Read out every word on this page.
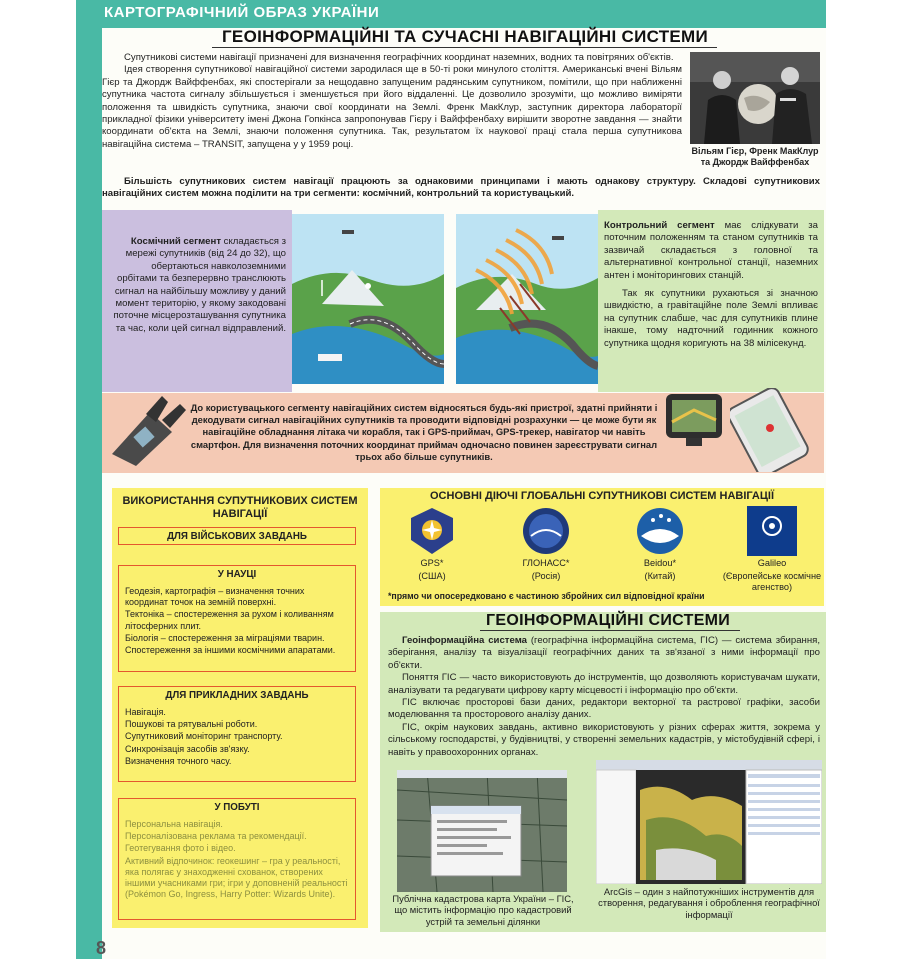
КАРТОГРАФІЧНИЙ ОБРАЗ УКРАЇНИ
ГЕОІНФОРМАЦІЙНІ ТА СУЧАСНІ НАВІГАЦІЙНІ СИСТЕМИ

Супутникові системи навігації призначені для визначення географічних координат наземних, водних та повітряних об'єктів.

Ідея створення супутникової навігаційної системи зародилася ще в 50-ті роки минулого століття. Американські вчені Вільям Гієр та Джордж Вайффенбах, які спостерігали за нещодавно запущеним радянським супутником, помітили, що при наближенні супутника частота сигналу збільшується і зменшується при його віддаленні. Це дозволило зрозуміти, що можливо виміряти положення та швидкість супутника, знаючи свої координати на Землі. Френк МакКлур, заступник директора лабораторії прикладної фізики університету імені Джона Гопкінса запропонував Гієру і Вайффенбаху вирішити зворотне завдання — знайти координати об'єкта на Землі, знаючи положення супутника. Так, результатом їх наукової праці стала перша супутникова навігаційна система – TRANSIT, запущена у у 1959 році.

Вільям Гієр, Френк МакКлур та Джордж Вайффенбах

Більшість супутникових систем навігації працюють за однаковими принципами і мають однакову структуру. Складові супутникових навігаційних систем можна поділити на три сегменти: космічний, контрольний та користувацький.

Космічний сегмент складається з мережі супутників (від 24 до 32), що обертаються навколоземними орбітами та безперервно транслюють сигнал на найбільшу можливу у даний момент територію, у якому закодовані поточне місцерозташування супутника та час, коли цей сигнал відправлений.

Контрольний сегмент має слідкувати за поточним положенням та станом супутників та зазвичай складається з головної та альтернативної контрольної станції, наземних антен і моніторингових станцій.

Так як супутники рухаються зі значною швидкістю, а гравітаційне поле Землі впливає на супутник слабше, час для супутників плине інакше, тому надточний годинник кожного супутника щодня коригують на 38 мілісекунд.

До користувацького сегменту навігаційних систем відносяться будь-які пристрої, здатні прийняти і декодувати сигнал навігаційних супутників та проводити відповідні розрахунки — це може бути як навігаційне обладнання літака чи корабля, так і GPS-приймач, GPS-трекер, навігатор чи навіть смартфон. Для визначення поточних координат приймач одночасно повинен зареєструвати сигнал трьох або більше супутників.

ВИКОРИСТАННЯ СУПУТНИКОВИХ СИСТЕМ НАВІГАЦІЇ
ДЛЯ ВІЙСЬКОВИХ ЗАВДАНЬ
У НАУЦІ
Геодезія, картографія – визначення точних координат точок на земній поверхні.
Тектоніка – спостереження за рухом і коливанням літосферних плит.
Біологія – спостереження за міграціями тварин.
Спостереження за іншими космічними апаратами.
ДЛЯ ПРИКЛАДНИХ ЗАВДАНЬ
Навігація.
Пошукові та рятувальні роботи.
Супутниковий моніторинг транспорту.
Синхронізація засобів зв'язку.
Визначення точного часу.
У ПОБУТІ
Персональна навігація.
Персоналізована реклама та рекомендації.
Геотегування фото і відео.
Активний відпочинок: геокешинг – гра у реальності, яка полягає у знаходженні схованок, створених іншими учасниками гри; ігри у доповненій реальності (Pokémon Go, Ingress, Harry Potter: Wizards Unite).
ОСНОВНІ ДІЮЧІ ГЛОБАЛЬНІ СУПУТНИКОВІ СИСТЕМ НАВІГАЦІЇ
GPS*
(США)
ГЛОНАСС*
(Росія)
Beidou*
(Китай)
Galileo
(Європейське космічне агенство)
*прямо чи опосередковано є частиною збройних сил відповідної країни
ГЕОІНФОРМАЦІЙНІ СИСТЕМИ

Геоінформаційна система (географічна інформаційна система, ГІС) — система збирання, зберігання, аналізу та візуалізації географічних даних та зв'язаної з ними інформації про об'єкти.

Поняття ГІС — часто використовують до інструментів, що дозволяють користувачам шукати, аналізувати та редагувати цифрову карту місцевості і інформацію про об'єкти.

ГІС включає просторові бази даних, редактори векторної та растрової графіки, засоби моделювання та просторового аналізу даних.

ГІС, окрім наукових завдань, активно використовують у різних сферах життя, зокрема у сільському господарстві, у будівництві, у створенні земельних кадастрів, у містобудівній сфері, і навіть у правоохоронних органах.

Публічна кадастрова карта України – ГІС, що містить інформацію про кадастровий устрій та земельні ділянки
ArcGis – один з найпотужніших інструментів для створення, редагування і оброблення географічної інформації
8
